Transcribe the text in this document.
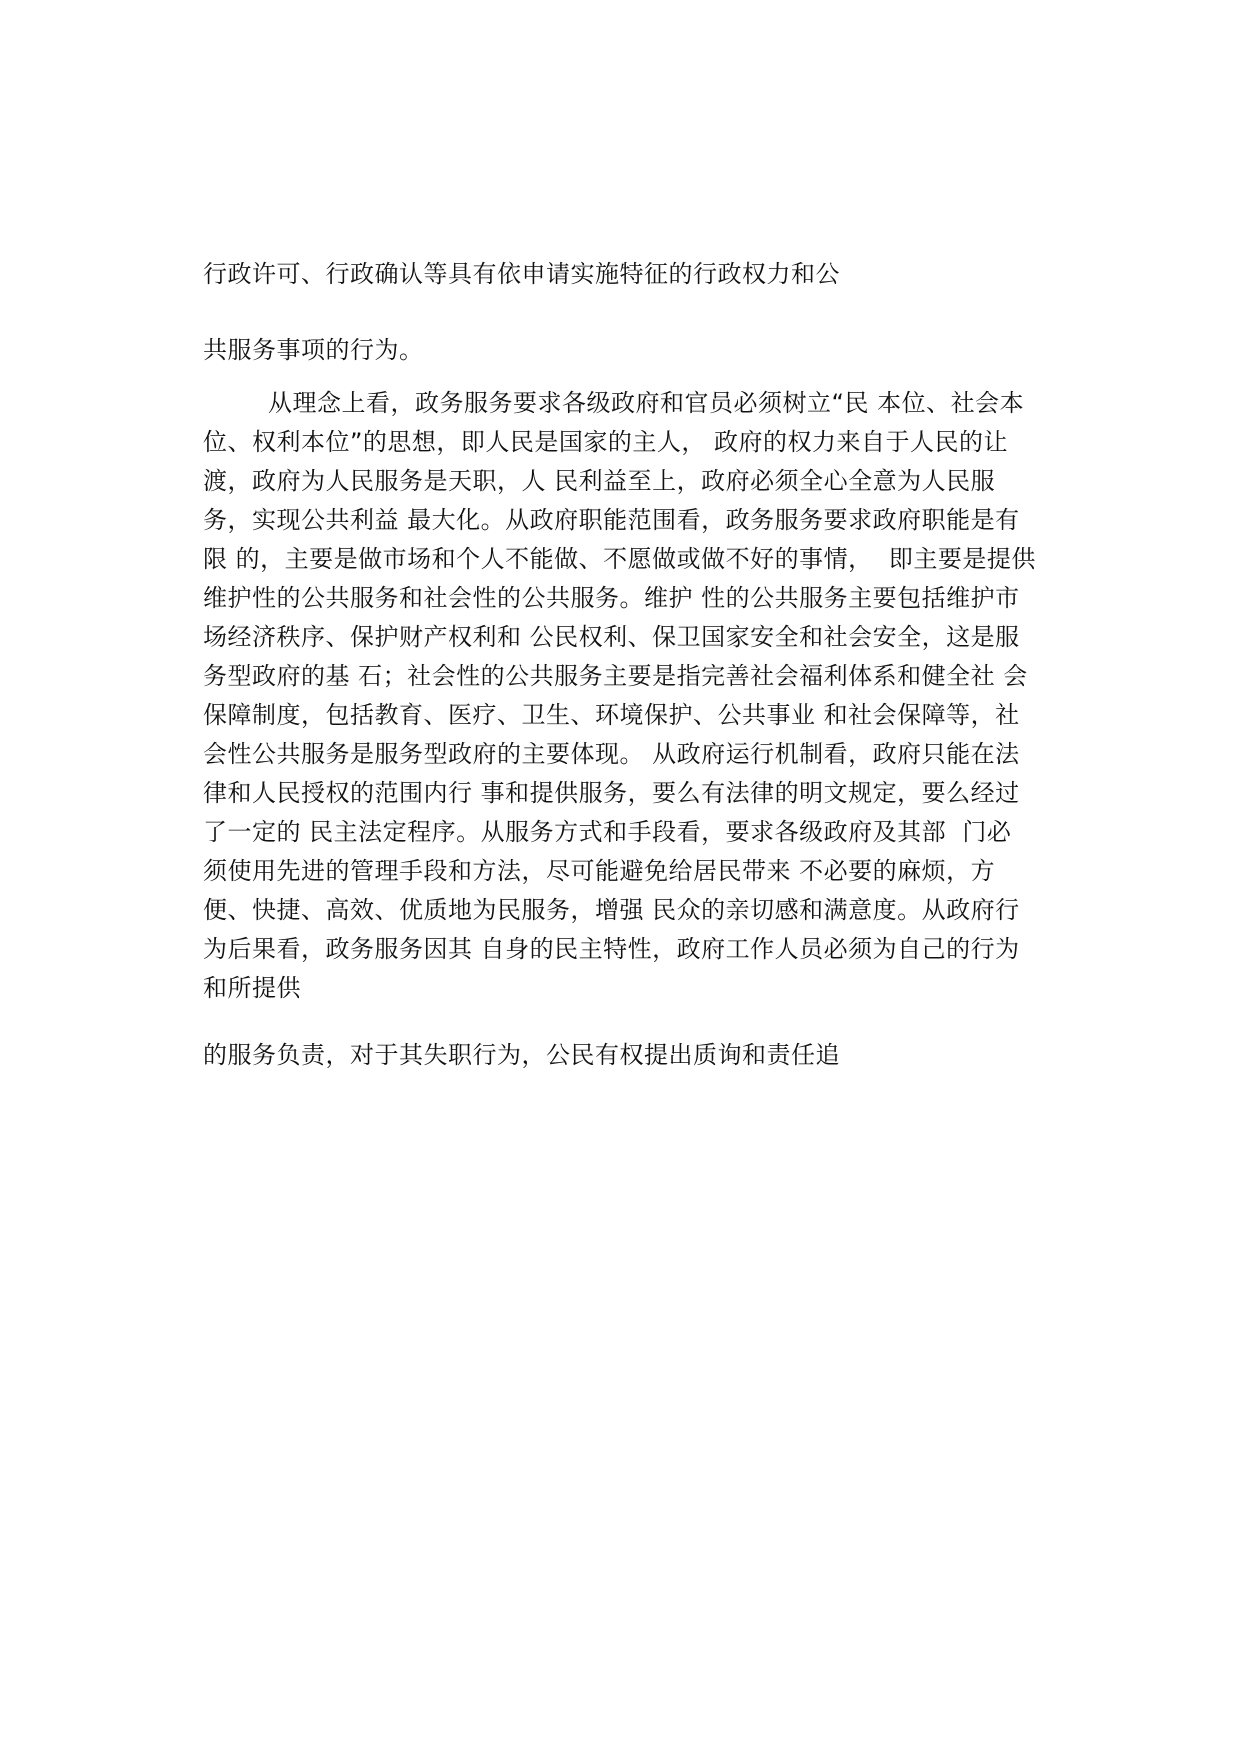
行政许可、行政确认等具有依申请实施特征的行政权力和公

共服务事项的行为。

从理念上看，政务服务要求各级政府和官员必须树立“民 本位、社会本

位、权利本位”的思想，即人民是国家的主人， 政府的权力来自于人民的让

渡，政府为人民服务是天职，人 民利益至上，政府必须全心全意为人民服

务，实现公共利益 最大化。从政府职能范围看，政务服务要求政府职能是有

限 的，主要是做市场和个人不能做、不愿做或做不好的事情，  即主要是提供

维护性的公共服务和社会性的公共服务。维护 性的公共服务主要包括维护市

场经济秩序、保护财产权利和 公民权利、保卫国家安全和社会安全，这是服

务型政府的基 石；社会性的公共服务主要是指完善社会福利体系和健全社 会

保障制度，包括教育、医疗、卫生、环境保护、公共事业 和社会保障等，社

会性公共服务是服务型政府的主要体现。 从政府运行机制看，政府只能在法

律和人民授权的范围内行 事和提供服务，要么有法律的明文规定，要么经过

了一定的 民主法定程序。从服务方式和手段看，要求各级政府及其部  门必

须使用先进的管理手段和方法，尽可能避免给居民带来 不必要的麻烦，方

便、快捷、高效、优质地为民服务，增强 民众的亲切感和满意度。从政府行

为后果看，政务服务因其 自身的民主特性，政府工作人员必须为自己的行为

和所提供

的服务负责，对于其失职行为，公民有权提出质询和责任追
